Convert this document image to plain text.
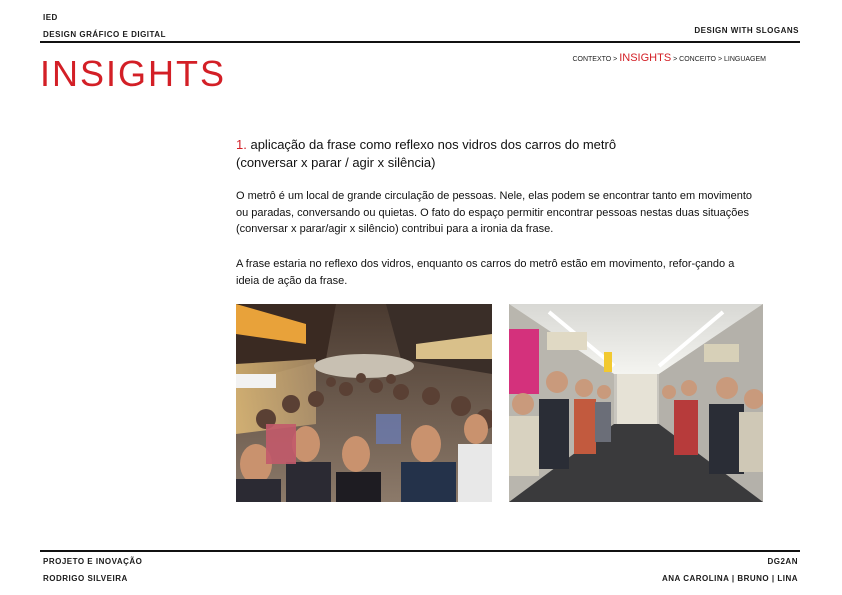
IED
DESIGN GRÁFICO E DIGITAL	DESIGN WITH SLOGANS
INSIGHTS	CONTEXTO > INSIGHTS > CONCEITO > LINGUAGEM
1. aplicação da frase como reflexo nos vidros dos carros do metrô
(conversar x parar / agir x silência)
O metrô é um local de grande circulação de pessoas. Nele, elas podem se encontrar tanto em movimento ou paradas, conversando ou quietas. O fato do espaço permitir encontrar pessoas nestas duas situações (conversar x parar/agir x silêncio) contribui para a ironia da frase.
A frase estaria no reflexo dos vidros, enquanto os carros do metrô estão em movimento, refor-çando a ideia de ação da frase.
PROJETO E INOVAÇÃO
RODRIGO SILVEIRA
DG2AN
ANA CAROLINA | BRUNO | LINA
